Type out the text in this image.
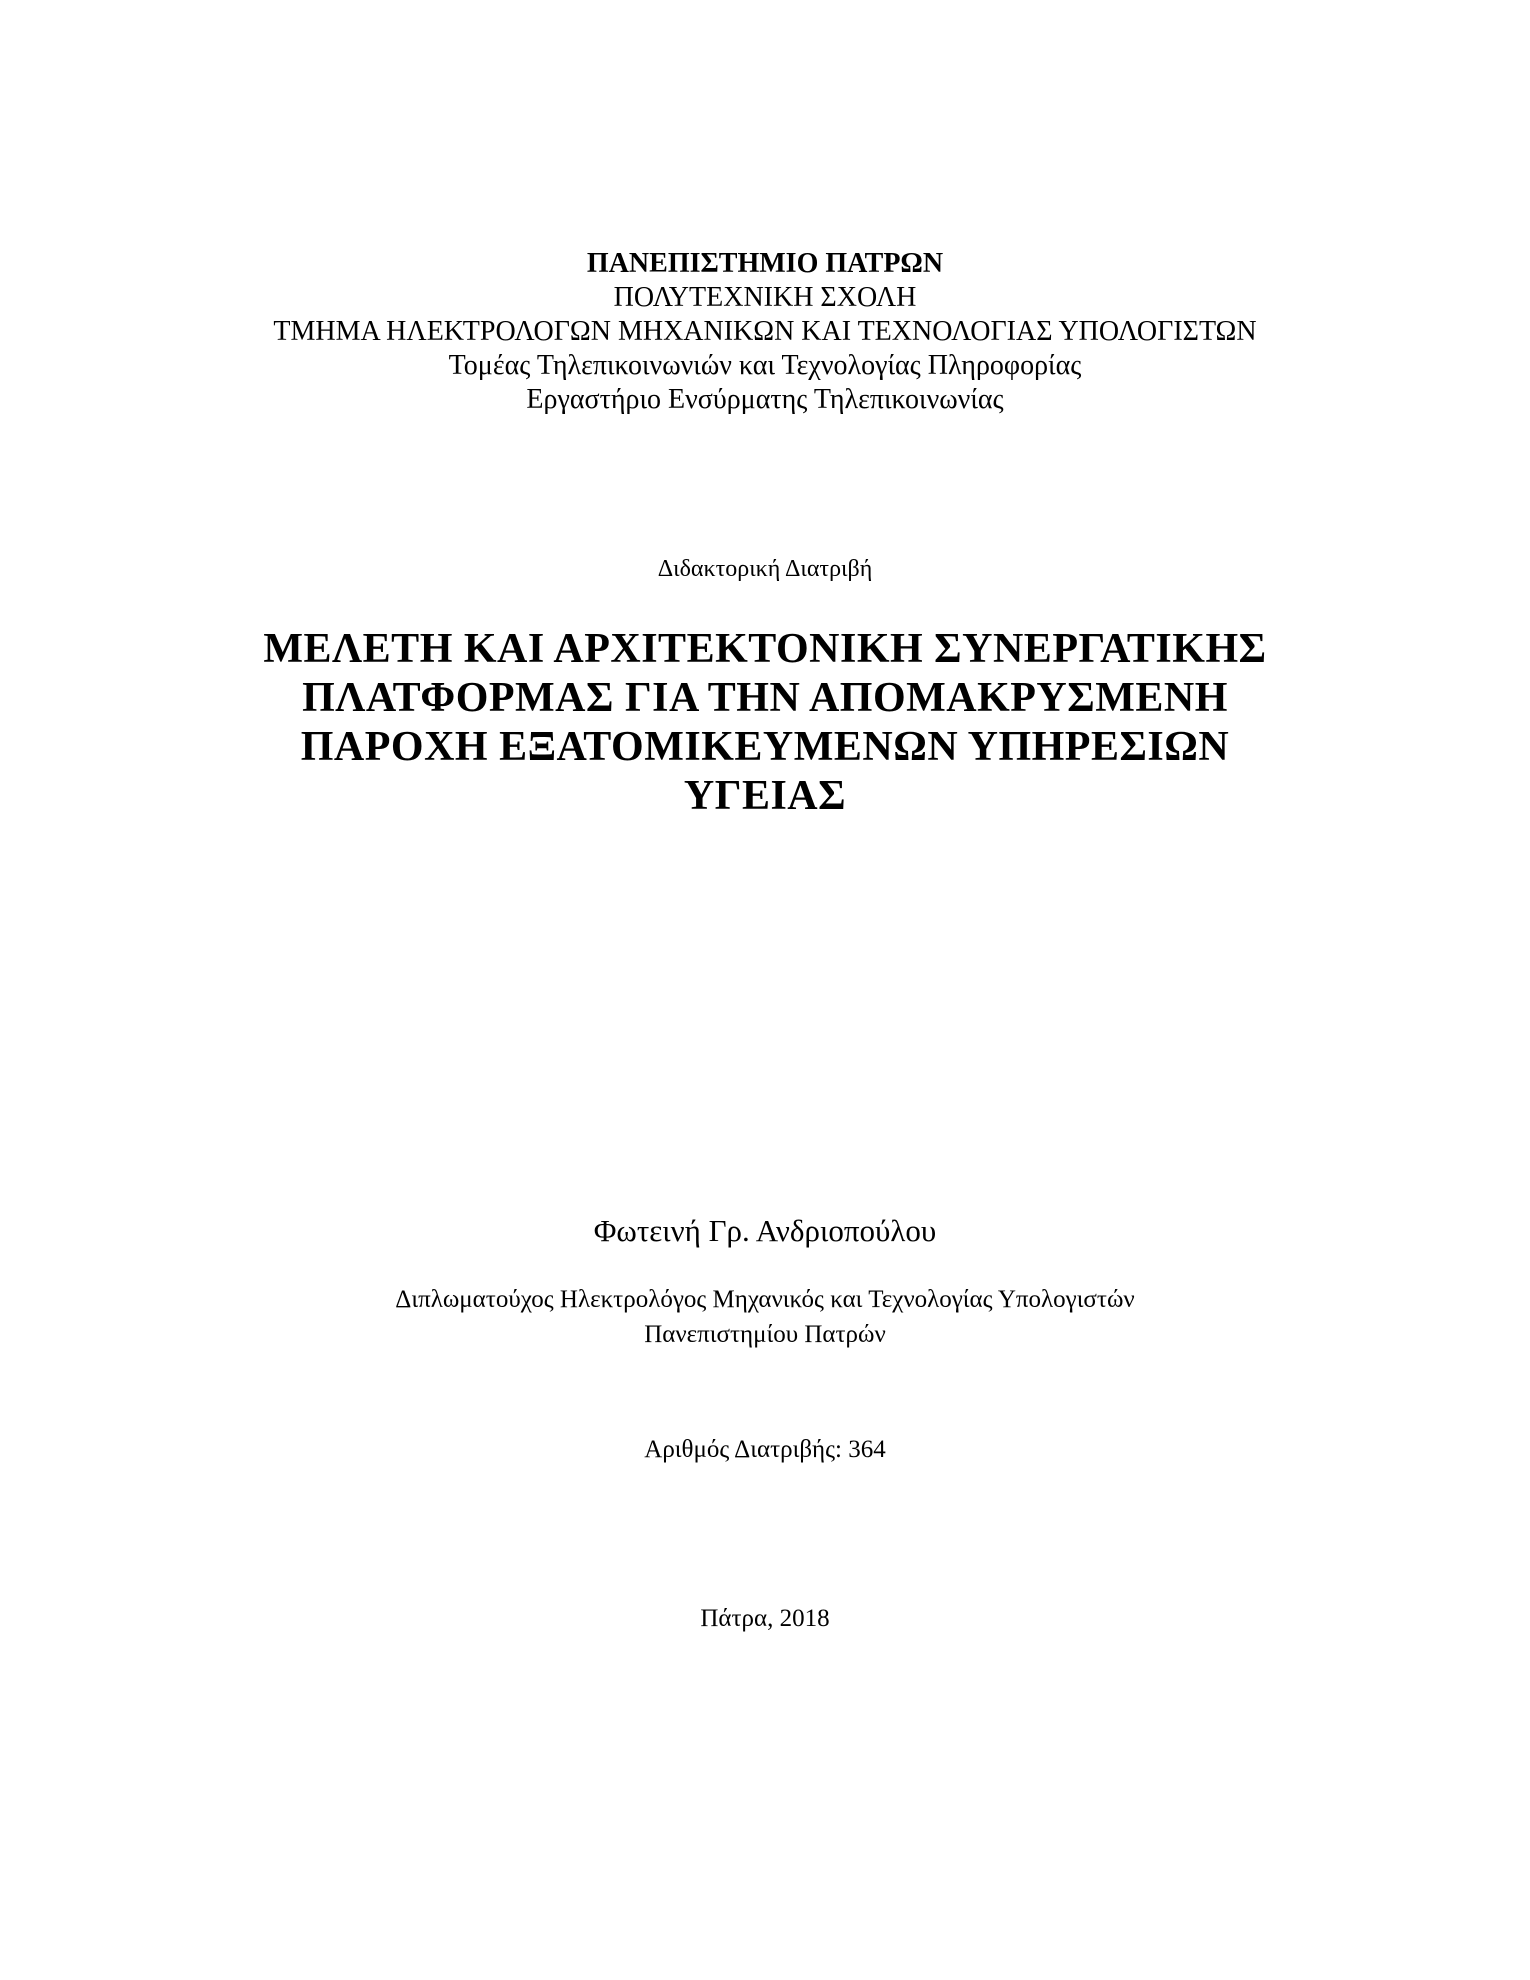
ΠΑΝΕΠΙΣΤΗΜΙΟ ΠΑΤΡΩΝ
ΠΟΛΥΤΕΧΝΙΚΗ ΣΧΟΛΗ
ΤΜΗΜΑ ΗΛΕΚΤΡΟΛΟΓΩΝ ΜΗΧΑΝΙΚΩΝ ΚΑΙ ΤΕΧΝΟΛΟΓΙΑΣ ΥΠΟΛΟΓΙΣΤΩΝ
Τομέας Τηλεπικοινωνιών και Τεχνολογίας Πληροφορίας
Εργαστήριο Ενσύρματης Τηλεπικοινωνίας
Διδακτορική Διατριβή
ΜΕΛΕΤΗ ΚΑΙ ΑΡΧΙΤΕΚΤΟΝΙΚΗ ΣΥΝΕΡΓΑΤΙΚΗΣ
ΠΛΑΤΦΟΡΜΑΣ ΓΙΑ ΤΗΝ ΑΠΟΜΑΚΡΥΣΜΕΝΗ
ΠΑΡΟΧΗ ΕΞΑΤΟΜΙΚΕΥΜΕΝΩΝ ΥΠΗΡΕΣΙΩΝ
ΥΓΕΙΑΣ
Φωτεινή Γρ. Ανδριοπούλου
Διπλωματούχος Ηλεκτρολόγος Μηχανικός και Τεχνολογίας Υπολογιστών
Πανεπιστημίου Πατρών
Αριθμός Διατριβής: 364
Πάτρα, 2018
